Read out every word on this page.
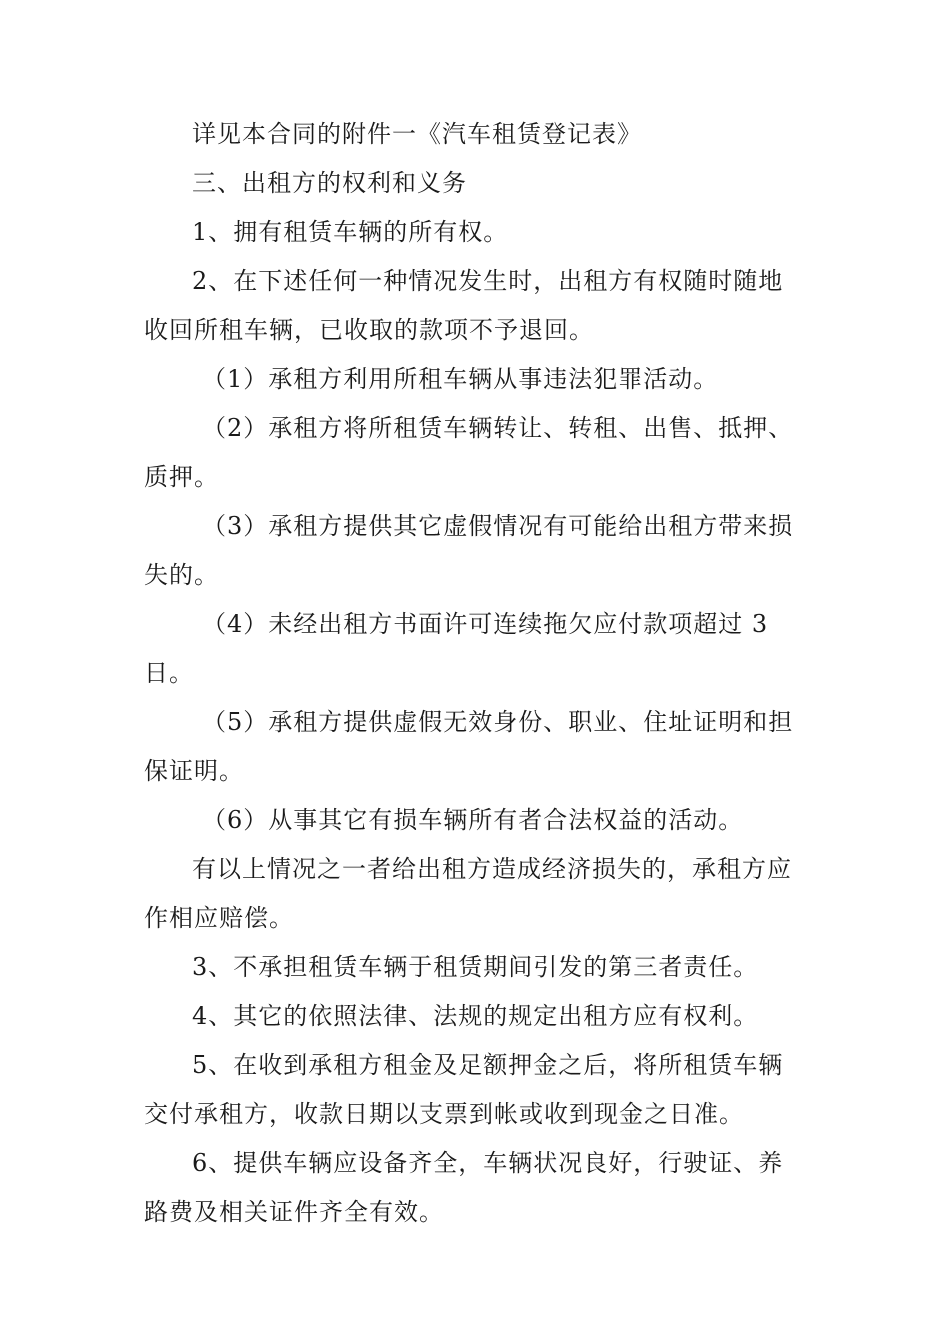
详见本合同的附件一《汽车租赁登记表》

三、出租方的权利和义务

1、拥有租赁车辆的所有权。

2、在下述任何一种情况发生时，出租方有权随时随地收回所租车辆，已收取的款项不予退回。

（1）承租方利用所租车辆从事违法犯罪活动。

（2）承租方将所租赁车辆转让、转租、出售、抵押、质押。

（3）承租方提供其它虚假情况有可能给出租方带来损失的。

（4）未经出租方书面许可连续拖欠应付款项超过 3 日。

（5）承租方提供虚假无效身份、职业、住址证明和担保证明。

（6）从事其它有损车辆所有者合法权益的活动。

有以上情况之一者给出租方造成经济损失的，承租方应作相应赔偿。

3、不承担租赁车辆于租赁期间引发的第三者责任。

4、其它的依照法律、法规的规定出租方应有权利。

5、在收到承租方租金及足额押金之后，将所租赁车辆交付承租方，收款日期以支票到帐或收到现金之日准。

6、提供车辆应设备齐全，车辆状况良好，行驶证、养路费及相关证件齐全有效。
